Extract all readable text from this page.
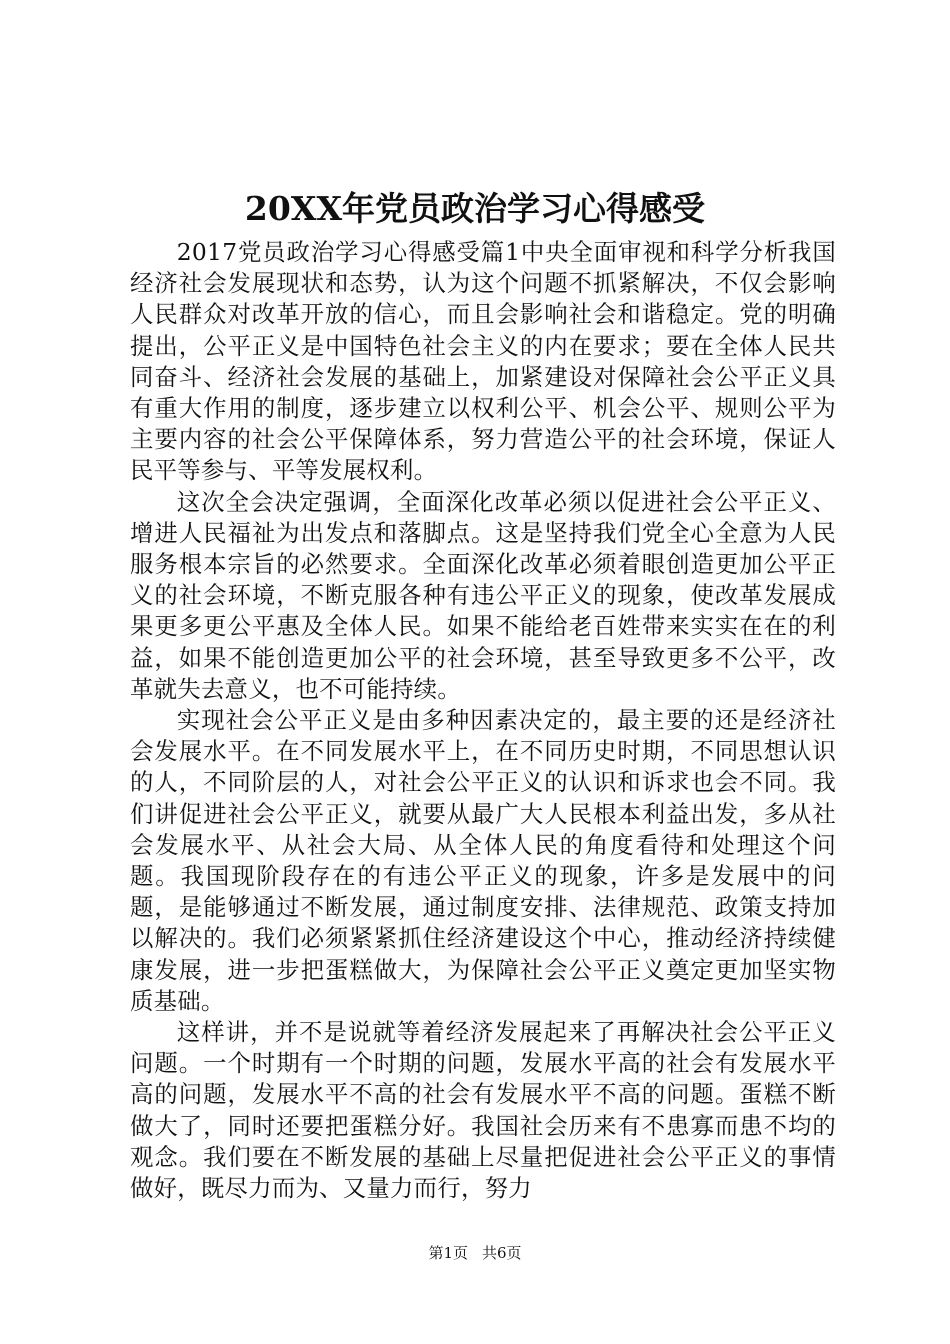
20XX年党员政治学习心得感受

2017党员政治学习心得感受篇1中央全面审视和科学分析我国经济社会发展现状和态势，认为这个问题不抓紧解决，不仅会影响人民群众对改革开放的信心，而且会影响社会和谐稳定。党的明确提出，公平正义是中国特色社会主义的内在要求；要在全体人民共同奋斗、经济社会发展的基础上，加紧建设对保障社会公平正义具有重大作用的制度，逐步建立以权利公平、机会公平、规则公平为主要内容的社会公平保障体系，努力营造公平的社会环境，保证人民平等参与、平等发展权利。

这次全会决定强调，全面深化改革必须以促进社会公平正义、增进人民福祉为出发点和落脚点。这是坚持我们党全心全意为人民服务根本宗旨的必然要求。全面深化改革必须着眼创造更加公平正义的社会环境，不断克服各种有违公平正义的现象，使改革发展成果更多更公平惠及全体人民。如果不能给老百姓带来实实在在的利益，如果不能创造更加公平的社会环境，甚至导致更多不公平，改革就失去意义，也不可能持续。

实现社会公平正义是由多种因素决定的，最主要的还是经济社会发展水平。在不同发展水平上，在不同历史时期，不同思想认识的人，不同阶层的人，对社会公平正义的认识和诉求也会不同。我们讲促进社会公平正义，就要从最广大人民根本利益出发，多从社会发展水平、从社会大局、从全体人民的角度看待和处理这个问题。我国现阶段存在的有违公平正义的现象，许多是发展中的问题，是能够通过不断发展，通过制度安排、法律规范、政策支持加以解决的。我们必须紧紧抓住经济建设这个中心，推动经济持续健康发展，进一步把蛋糕做大，为保障社会公平正义奠定更加坚实物质基础。

这样讲，并不是说就等着经济发展起来了再解决社会公平正义问题。一个时期有一个时期的问题，发展水平高的社会有发展水平高的问题，发展水平不高的社会有发展水平不高的问题。蛋糕不断做大了，同时还要把蛋糕分好。我国社会历来有不患寡而患不均的观念。我们要在不断发展的基础上尽量把促进社会公平正义的事情做好，既尽力而为、又量力而行，努力

第1页 共6页
